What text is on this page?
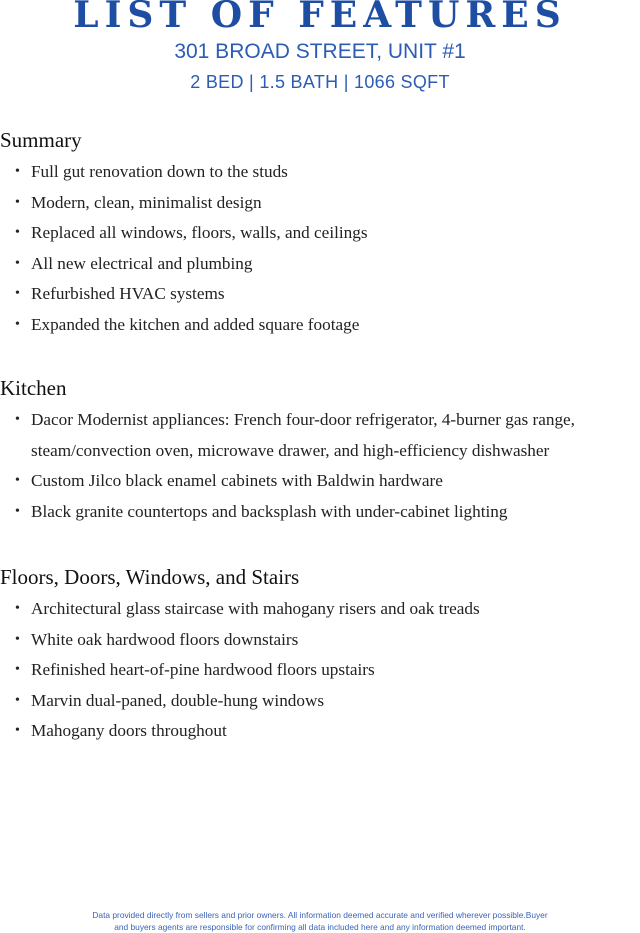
LIST OF FEATURES
301 BROAD STREET, UNIT #1
2 BED | 1.5 BATH | 1066 SQFT
Summary
• Full gut renovation down to the studs
• Modern, clean, minimalist design
• Replaced all windows, floors, walls, and ceilings
• All new electrical and plumbing
• Refurbished HVAC systems
• Expanded the kitchen and added square footage
Kitchen
• Dacor Modernist appliances: French four-door refrigerator, 4-burner gas range,
steam/convection oven, microwave drawer, and high-efficiency dishwasher
• Custom Jilco black enamel cabinets with Baldwin hardware
• Black granite countertops and backsplash with under-cabinet lighting
Floors, Doors, Windows, and Stairs
• Architectural glass staircase with mahogany risers and oak treads
• White oak hardwood floors downstairs
• Refinished heart-of-pine hardwood floors upstairs
• Marvin dual-paned, double-hung windows
• Mahogany doors throughout
Data provided directly from sellers and prior owners. All information deemed accurate and verified wherever possible.Buyer
and buyers agents are responsible for confirming all data included here and any information deemed important.
